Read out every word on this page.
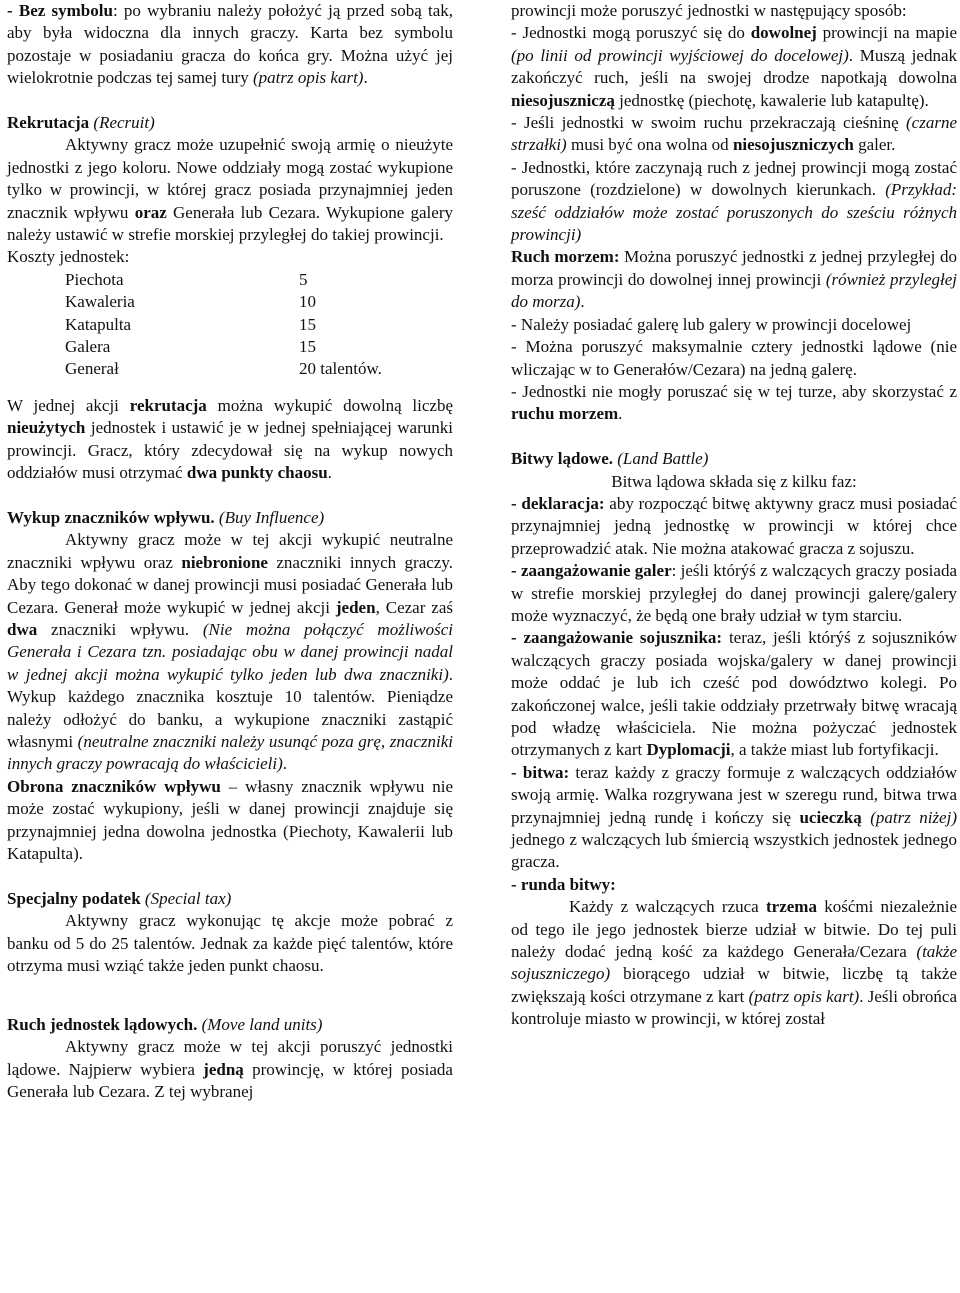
- Bez symbolu: po wybraniu należy położyć ją przed sobą tak, aby była widoczna dla innych graczy. Karta bez symbolu pozostaje w posiadaniu gracza do końca gry. Można użyć jej wielokrotnie podczas tej samej tury (patrz opis kart).

Rekrutacja (Recruit)

Aktywny gracz może uzupełnić swoją armię o nieużyte jednostki z jego koloru. Nowe oddziały mogą zostać wykupione tylko w prowincji, w której gracz posiada przynajmniej jeden znacznik wpływu oraz Generała lub Cezara. Wykupione galery należy ustawić w strefie morskiej przyległej do takiej prowincji.

Koszty jednostek:

Piechota	5
Kawaleria	10
Katapulta	15
Galera	15
Generał	20 talentów.

W jednej akcji rekrutacja można wykupić dowolną liczbę nieużytych jednostek i ustawić je w jednej spełniającej warunki prowincji. Gracz, który zdecydował się na wykup nowych oddziałów musi otrzymać dwa punkty chaosu.

Wykup znaczników wpływu. (Buy Influence)

Aktywny gracz może w tej akcji wykupić neutralne znaczniki wpływu oraz niebronione znaczniki innych graczy. Aby tego dokonać w danej prowincji musi posiadać Generała lub Cezara. Generał może wykupić w jednej akcji jeden, Cezar zaś dwa znaczniki wpływu. (Nie można połączyć możliwości Generała i Cezara tzn. posiadając obu w danej prowincji nadal w jednej akcji można wykupić tylko jeden lub dwa znaczniki). Wykup każdego znacznika kosztuje 10 talentów. Pieniądze należy odłożyć do banku, a wykupione znaczniki zastąpić własnymi (neutralne znaczniki należy usunąć poza grę, znaczniki innych graczy powracają do właścicieli).

Obrona znaczników wpływu – własny znacznik wpływu nie może zostać wykupiony, jeśli w danej prowincji znajduje się przynajmniej jedna dowolna jednostka (Piechoty, Kawalerii lub Katapulta).

Specjalny podatek (Special tax)

Aktywny gracz wykonując tę akcje może pobrać z banku od 5 do 25 talentów. Jednak za każde pięć talentów, które otrzyma musi wziąć także jeden punkt chaosu.

Ruch jednostek lądowych. (Move land units)

Aktywny gracz może w tej akcji poruszyć jednostki lądowe. Najpierw wybiera jedną prowincję, w której posiada Generała lub Cezara. Z tej wybranej

prowincji może poruszyć jednostki w następujący sposób:

- Jednostki mogą poruszyć się do dowolnej prowincji na mapie (po linii od prowincji wyjściowej do docelowej). Muszą jednak zakończyć ruch, jeśli na swojej drodze napotkają dowolna niesojuszniczą jednostkę (piechotę, kawalerie lub katapultę).

- Jeśli jednostki w swoim ruchu przekraczają cieśninę (czarne strzałki) musi być ona wolna od niesojuszniczych galer.

- Jednostki, które zaczynają ruch z jednej prowincji mogą zostać poruszone (rozdzielone) w dowolnych kierunkach. (Przykład: sześć oddziałów może zostać poruszonych do sześciu różnych prowincji)

Ruch morzem: Można poruszyć jednostki z jednej przyległej do morza prowincji do dowolnej innej prowincji (również przyległej do morza).

- Należy posiadać galerę lub galery w prowincji docelowej

- Można poruszyć maksymalnie cztery jednostki lądowe (nie wliczając w to Generałów/Cezara) na jedną galerę.

- Jednostki nie mogły poruszać się w tej turze, aby skorzystać z ruchu morzem.

Bitwy lądowe. (Land Battle)

Bitwa lądowa składa się z kilku faz:

- deklaracja: aby rozpocząć bitwę aktywny gracz musi posiadać przynajmniej jedną jednostkę w prowincji w której chce przeprowadzić atak. Nie można atakować gracza z sojuszu.

- zaangażowanie galer: jeśli którýś z walczących graczy posiada w strefie morskiej przyległej do danej prowincji galerę/galery może wyznaczyć, że będą one brały udział w tym starciu.

- zaangażowanie sojusznika: teraz, jeśli którýś z sojuszników walczących graczy posiada wojska/galery w danej prowincji może oddać je lub ich cześć pod dowództwo kolegi. Po zakończonej walce, jeśli takie oddziały przetrwały bitwę wracają pod władzę właściciela. Nie można pożyczać jednostek otrzymanych z kart Dyplomacji, a także miast lub fortyfikacji.

- bitwa: teraz każdy z graczy formuje z walczących oddziałów swoją armię. Walka rozgrywana jest w szeregu rund, bitwa trwa przynajmniej jedną rundę i kończy się ucieczką (patrz niżej) jednego z walczących lub śmiercią wszystkich jednostek jednego gracza.

- runda bitwy:

Każdy z walczących rzuca trzema kośćmi niezależnie od tego ile jego jednostek bierze udział w bitwie. Do tej puli należy dodać jedną kość za każdego Generała/Cezara (także sojuszniczego) biorącego udział w bitwie, liczbę tą także zwiększają kości otrzymane z kart (patrz opis kart). Jeśli obrońca kontroluje miasto w prowincji, w której został
